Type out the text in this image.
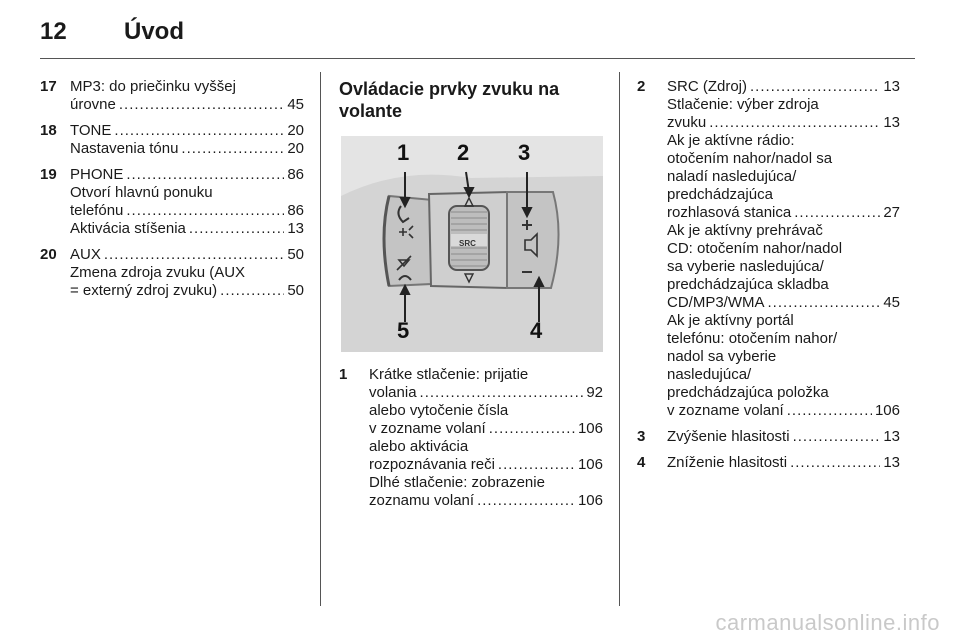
12 Úvod
17 MP3: do priečinku vyššej
úrovne .....	45
18 TONE .....	20
Nastavenia tónu .....	20
19 PHONE .....	86
Otvorí hlavnú ponuku
telefónu .....	86
Aktivácia stíšenia .....	13
20 AUX .....	50
Zmena zdroja zvuku (AUX
= externý zdroj zvuku) .....	50
Ovládacie prvky zvuku na
volante
1 2 3
4
5
SRC
1 Krátke stlačenie: prijatie
volania .....	92
alebo vytočenie čísla
v zozname volaní .....	106
alebo aktivácia
rozpoznávania reči .....	106
Dlhé stlačenie: zobrazenie
zoznamu volaní .....	106
2 SRC (Zdroj) .....	13
Stlačenie: výber zdroja
zvuku .....	13
Ak je aktívne rádio:
otočením nahor/nadol sa
naladí nasledujúca/
predchádzajúca
rozhlasová stanica .....	27
Ak je aktívny prehrávač
CD: otočením nahor/nadol
sa vyberie nasledujúca/
predchádzajúca skladba
CD/MP3/WMA .....	45
Ak je aktívny portál
telefónu: otočením nahor/
nadol sa vyberie
nasledujúca/
predchádzajúca položka
v zozname volaní .....	106
3 Zvýšenie hlasitosti .....	13
4 Zníženie hlasitosti .....	13
carmanualsonline.info
